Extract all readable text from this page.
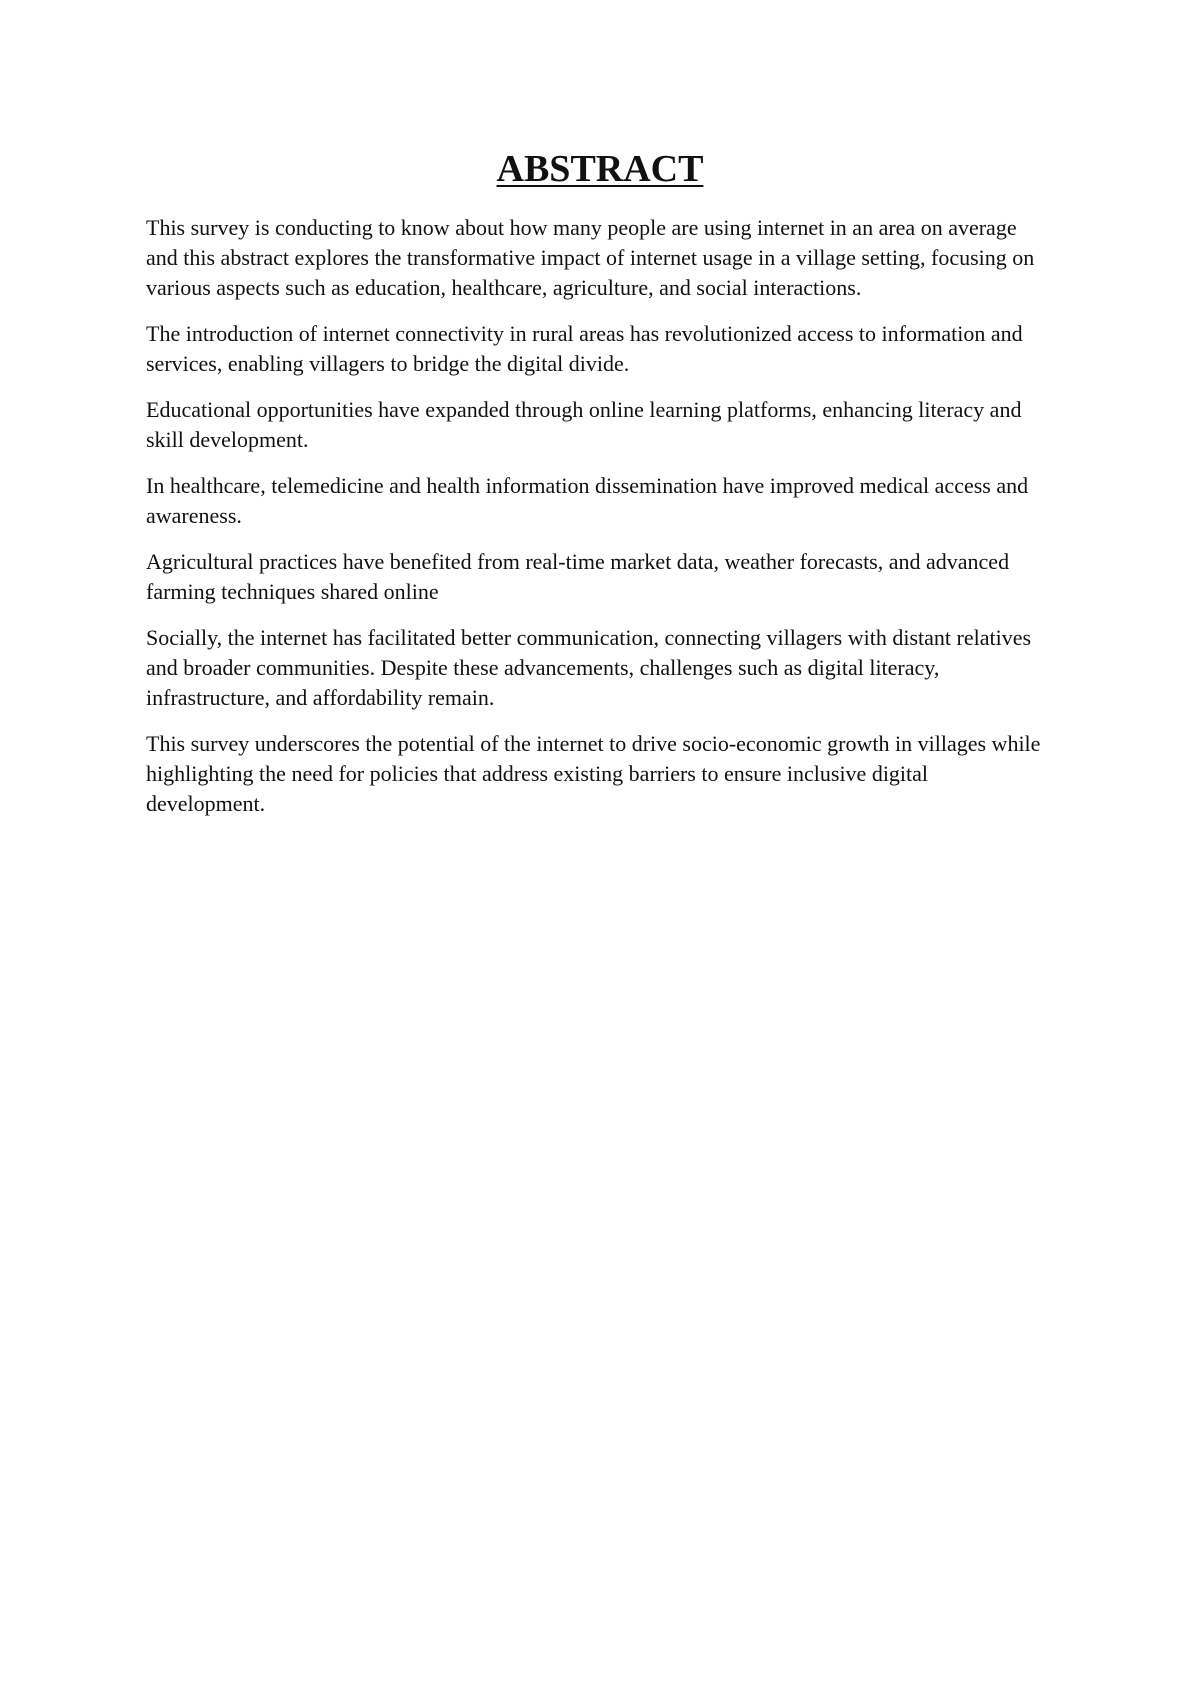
ABSTRACT

This survey is conducting to know about how many people are using internet in an area on average and this abstract explores the transformative impact of internet usage in a village setting, focusing on various aspects such as education, healthcare, agriculture, and social interactions.

The introduction of internet connectivity in rural areas has revolutionized access to information and services, enabling villagers to bridge the digital divide.

Educational opportunities have expanded through online learning platforms, enhancing literacy and skill development.

In healthcare, telemedicine and health information dissemination have improved medical access and awareness.

Agricultural practices have benefited from real-time market data, weather forecasts, and advanced farming techniques shared online

Socially, the internet has facilitated better communication, connecting villagers with distant relatives and broader communities. Despite these advancements, challenges such as digital literacy, infrastructure, and affordability remain.

This survey underscores the potential of the internet to drive socio-economic growth in villages while highlighting the need for policies that address existing barriers to ensure inclusive digital development.
